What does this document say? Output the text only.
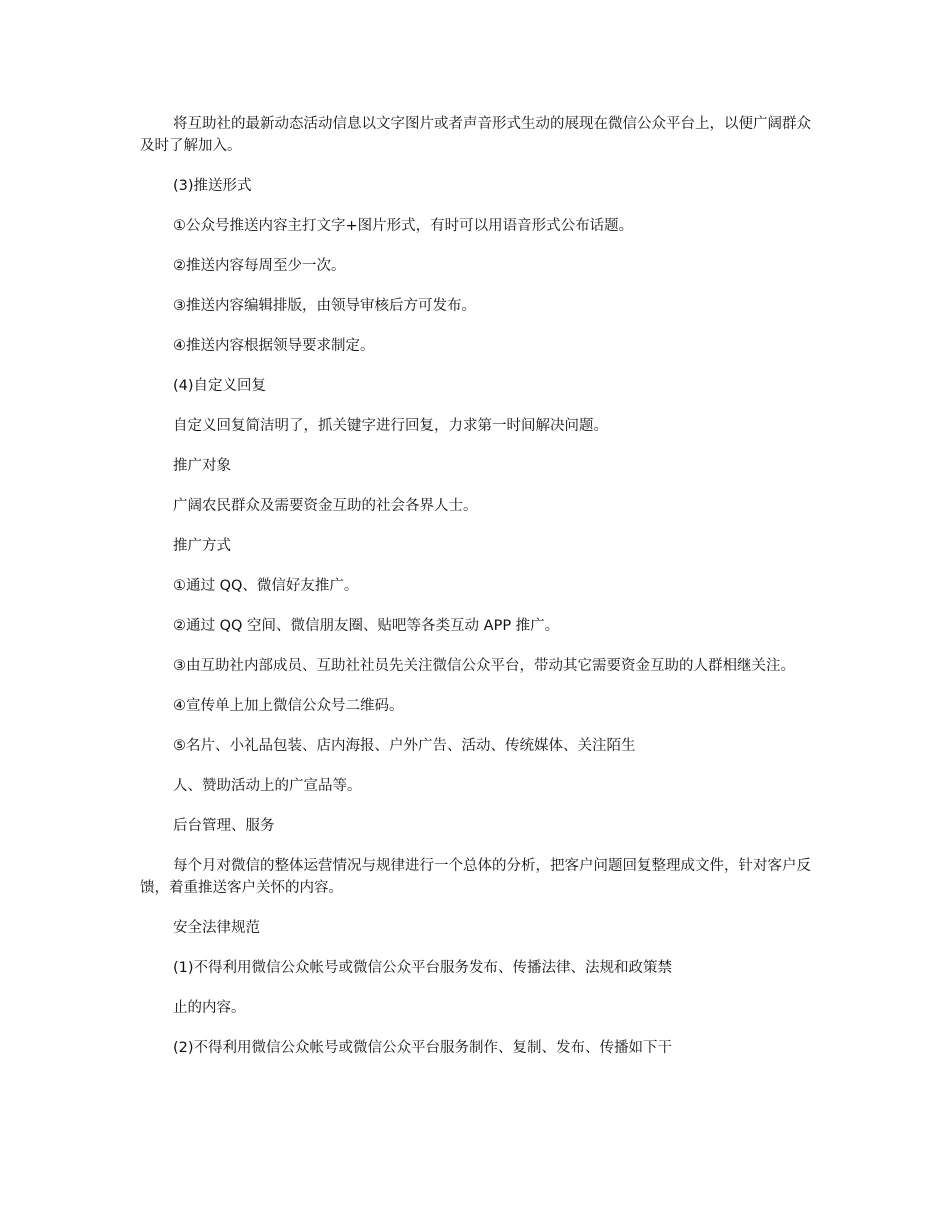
将互助社的最新动态活动信息以文字图片或者声音形式生动的展现在微信公众平台上，以便广阔群众及时了解加入。

(3)推送形式

①公众号推送内容主打文字+图片形式，有时可以用语音形式公布话题。

②推送内容每周至少一次。

③推送内容编辑排版，由领导审核后方可发布。

④推送内容根据领导要求制定。

(4)自定义回复

自定义回复简洁明了，抓关键字进行回复，力求第一时间解决问题。

推广对象

广阔农民群众及需要资金互助的社会各界人士。

推广方式

①通过 QQ、微信好友推广。

②通过 QQ 空间、微信朋友圈、贴吧等各类互动 APP 推广。

③由互助社内部成员、互助社社员先关注微信公众平台，带动其它需要资金互助的人群相继关注。

④宣传单上加上微信公众号二维码。

⑤名片、小礼品包装、店内海报、户外广告、活动、传统媒体、关注陌生

人、赞助活动上的广宣品等。

后台管理、服务

每个月对微信的整体运营情况与规律进行一个总体的分析，把客户问题回复整理成文件，针对客户反馈，着重推送客户关怀的内容。

安全法律规范

(1)不得利用微信公众帐号或微信公众平台服务发布、传播法律、法规和政策禁

止的内容。

(2)不得利用微信公众帐号或微信公众平台服务制作、复制、发布、传播如下干
